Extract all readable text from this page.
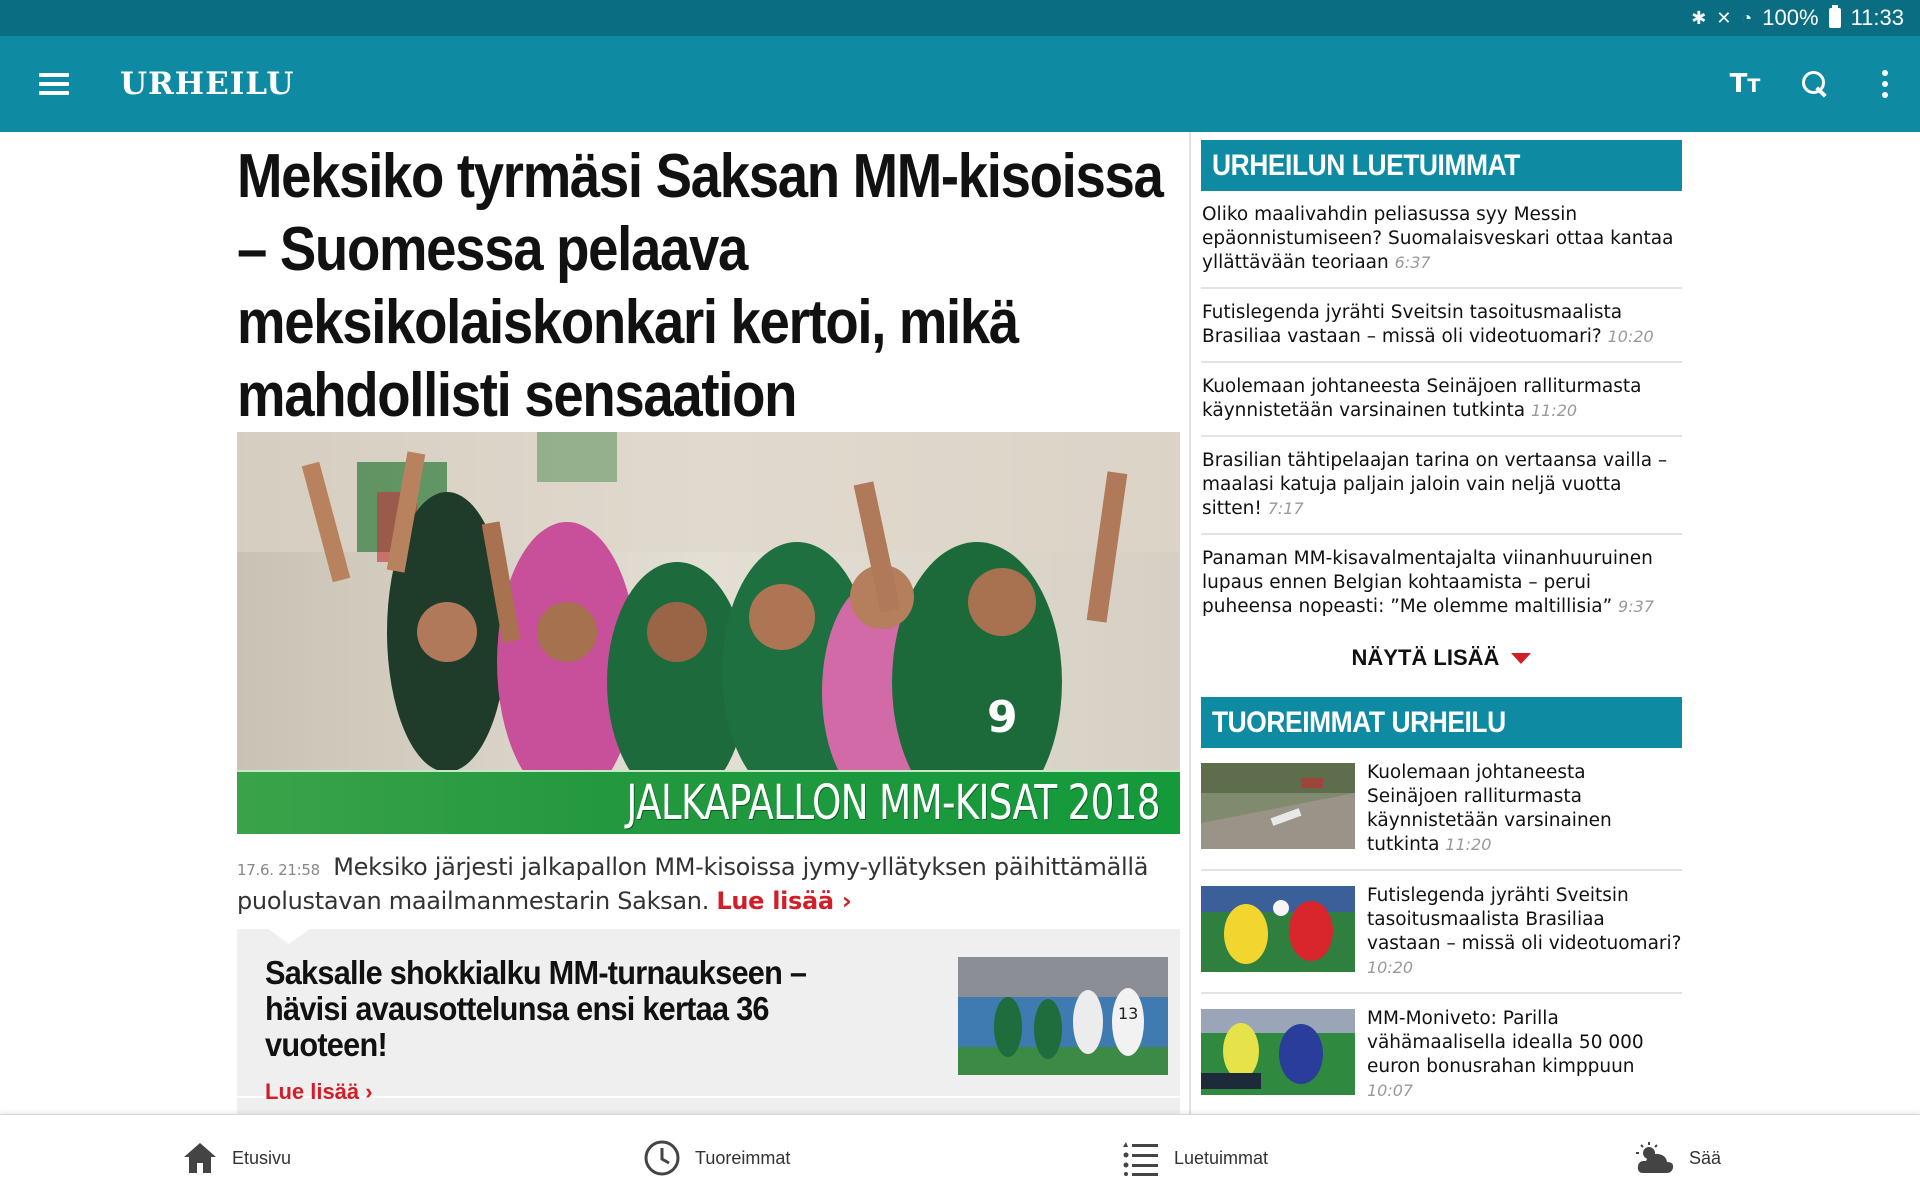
✱ ✕ ◔ 100% 11:33
URHEILU	TT
Meksiko tyrmäsi Saksan MM-kisoissa – Suomessa pelaava meksikolaiskonkari kertoi, mikä mahdollisti sensaation
9
JALKAPALLON MM-KISAT 2018

17.6. 21:58 Meksiko järjesti jalkapallon MM-kisoissa jymy-yllätyksen päihittämällä puolustavan maailmanmestarin Saksan. Lue lisää ›

Saksalle shokkialku MM-turnaukseen – hävisi avausottelunsa ensi kertaa 36 vuoteen!
Lue lisää ›
13
URHEILUN LUETUIMMAT
Oliko maalivahdin peliasussa syy Messin epäonnistumiseen? Suomalaisveskari ottaa kantaa yllättävään teoriaan 6:37
Futislegenda jyrähti Sveitsin tasoitusmaalista Brasiliaa vastaan – missä oli videotuomari? 10:20
Kuolemaan johtaneesta Seinäjoen ralliturmasta käynnistetään varsinainen tutkinta 11:20
Brasilian tähtipelaajan tarina on vertaansa vailla – maalasi katuja paljain jaloin vain neljä vuotta sitten! 7:17
Panaman MM-kisavalmentajalta viinanhuuruinen lupaus ennen Belgian kohtaamista – perui puheensa nopeasti: ”Me olemme maltillisia” 9:37
NÄYTÄ LISÄÄ
TUOREIMMAT URHEILU
Kuolemaan johtaneesta Seinäjoen ralliturmasta käynnistetään varsinainen tutkinta 11:20
Futislegenda jyrähti Sveitsin tasoitusmaalista Brasiliaa vastaan – missä oli videotuomari? 10:20
MM-Moniveto: Parilla vähämaalisella idealla 50 000 euron bonusrahan kimppuun 10:07
Etusivu	Tuoreimmat	Luetuimmat	Sää
